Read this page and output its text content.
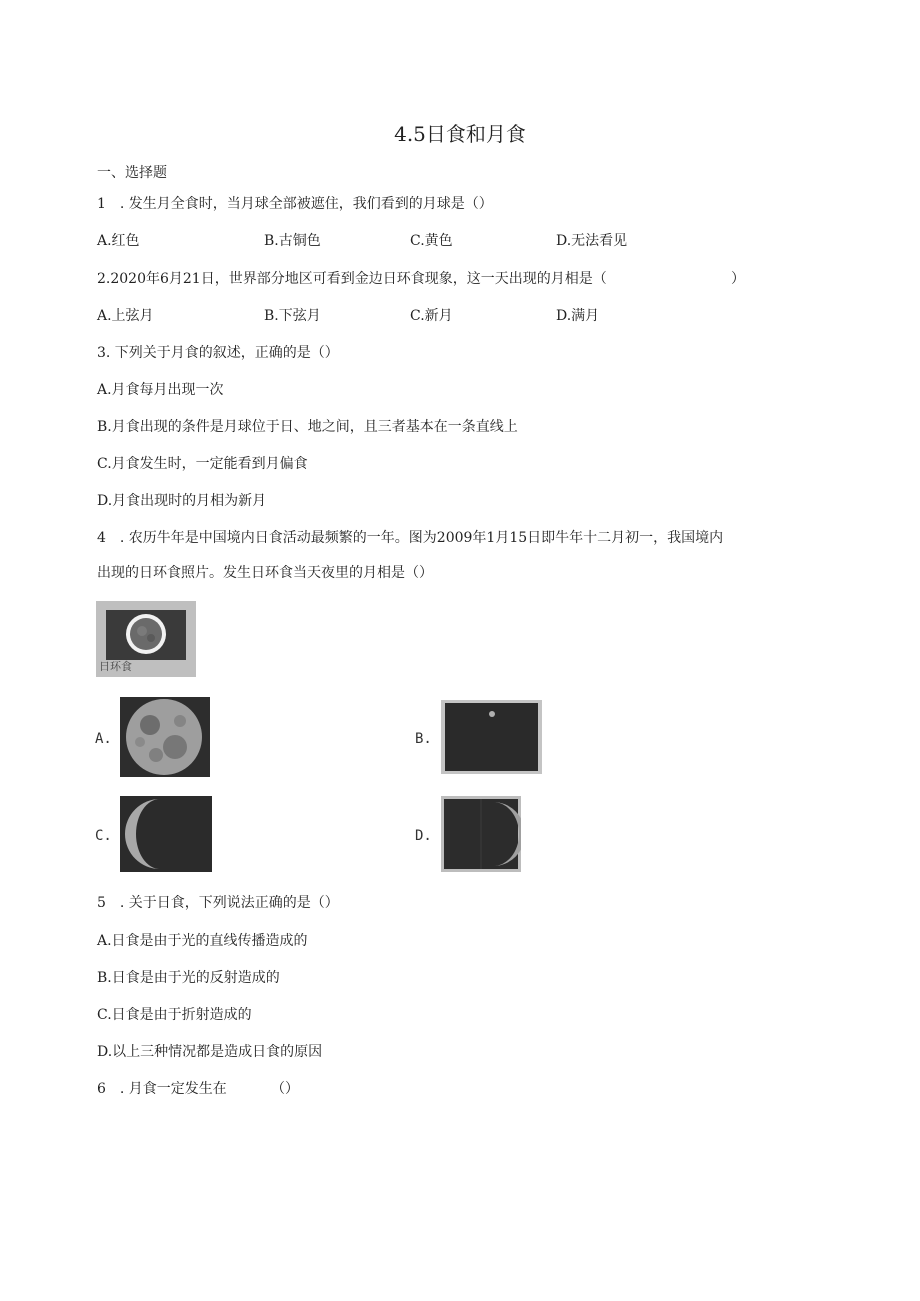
4.5日食和月食
一、选择题
1　. 发生月全食时，当月球全部被遮住，我们看到的月球是（）
A.红色	B.古铜色	C.黄色	D.无法看见
2.2020年6月21日，世界部分地区可看到金边日环食现象，这一天出现的月相是（	）
A.上弦月	B.下弦月	C.新月	D.满月
3. 下列关于月食的叙述，正确的是（）
A.月食每月出现一次
B.月食出现的条件是月球位于日、地之间，且三者基本在一条直线上
C.月食发生时，一定能看到月偏食
D.月食出现时的月相为新月
4　. 农历牛年是中国境内日食活动最频繁的一年。图为2009年1月15日即牛年十二月初一，我国境内
出现的日环食照片。发生日环食当天夜里的月相是（）
日环食
A.	B.
C.	D.
5　. 关于日食，下列说法正确的是（）
A.日食是由于光的直线传播造成的
B.日食是由于光的反射造成的
C.日食是由于折射造成的
D.以上三种情况都是造成日食的原因
6　. 月食一定发生在	（）
